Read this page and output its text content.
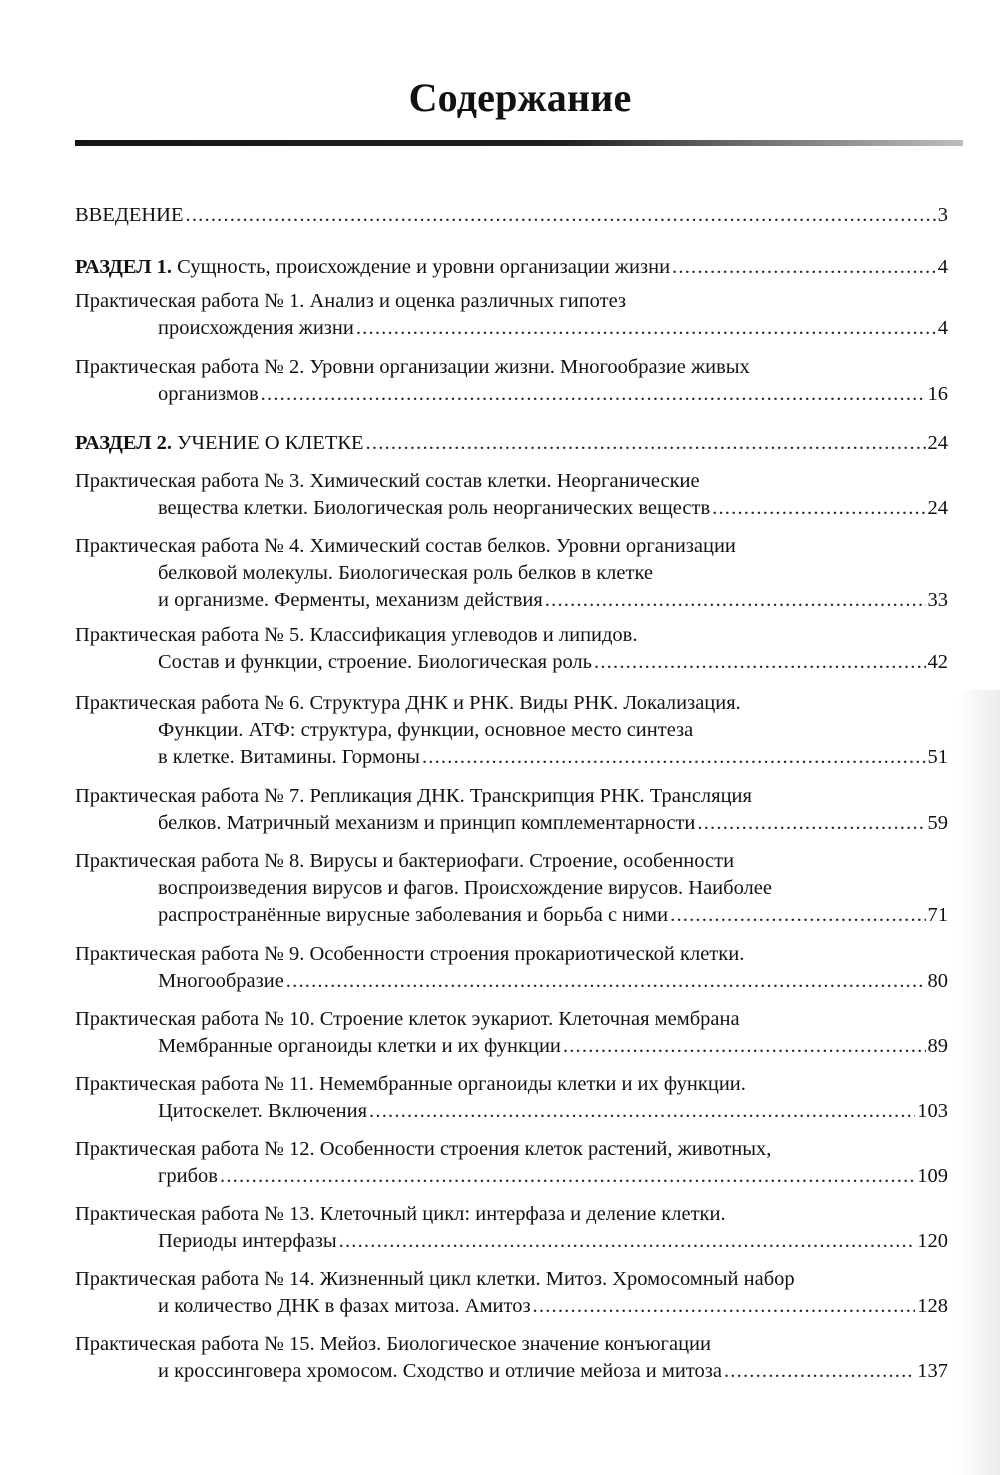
Содержание
ВВЕДЕНИЕ .....	3
РАЗДЕЛ 1.
Сущность, происхождение и уровни организации жизни .....	4
Практическая работа № 1. Анализ и оценка различных гипотез
происхождения жизни .....	4
Практическая работа № 2. Уровни организации жизни. Многообразие живых
организмов .....	16
РАЗДЕЛ 2.
УЧЕНИЕ О КЛЕТКЕ .....	24
Практическая работа № 3. Химический состав клетки. Неорганические
вещества клетки. Биологическая роль неорганических веществ .....	24
Практическая работа № 4. Химический состав белков. Уровни организации
белковой молекулы. Биологическая роль белков в клетке
и организме. Ферменты, механизм действия .....	33
Практическая работа № 5. Классификация углеводов и липидов.
Состав и функции, строение. Биологическая роль .....	42
Практическая работа № 6. Структура ДНК и РНК. Виды РНК. Локализация.
Функции. АТФ: структура, функции, основное место синтеза
в клетке. Витамины. Гормоны .....	51
Практическая работа № 7. Репликация ДНК. Транскрипция РНК. Трансляция
белков. Матричный механизм и принцип комплементарности .....	59
Практическая работа № 8. Вирусы и бактериофаги. Строение, особенности
воспроизведения вирусов и фагов. Происхождение вирусов. Наиболее
распространённые вирусные заболевания и борьба с ними .....	71
Практическая работа № 9. Особенности строения прокариотической клетки.
Многообразие .....	80
Практическая работа № 10. Строение клеток эукариот. Клеточная мембрана
Мембранные органоиды клетки и их функции .....	89
Практическая работа № 11. Немембранные органоиды клетки и их функции.
Цитоскелет. Включения .....	103
Практическая работа № 12. Особенности строения клеток растений, животных,
грибов .....	109
Практическая работа № 13. Клеточный цикл: интерфаза и деление клетки.
Периоды интерфазы .....	120
Практическая работа № 14. Жизненный цикл клетки. Митоз. Хромосомный набор
и количество ДНК в фазах митоза. Амитоз .....	128
Практическая работа № 15. Мейоз. Биологическое значение конъюгации
и кроссинговера хромосом. Сходство и отличие мейоза и митоза .....	137
